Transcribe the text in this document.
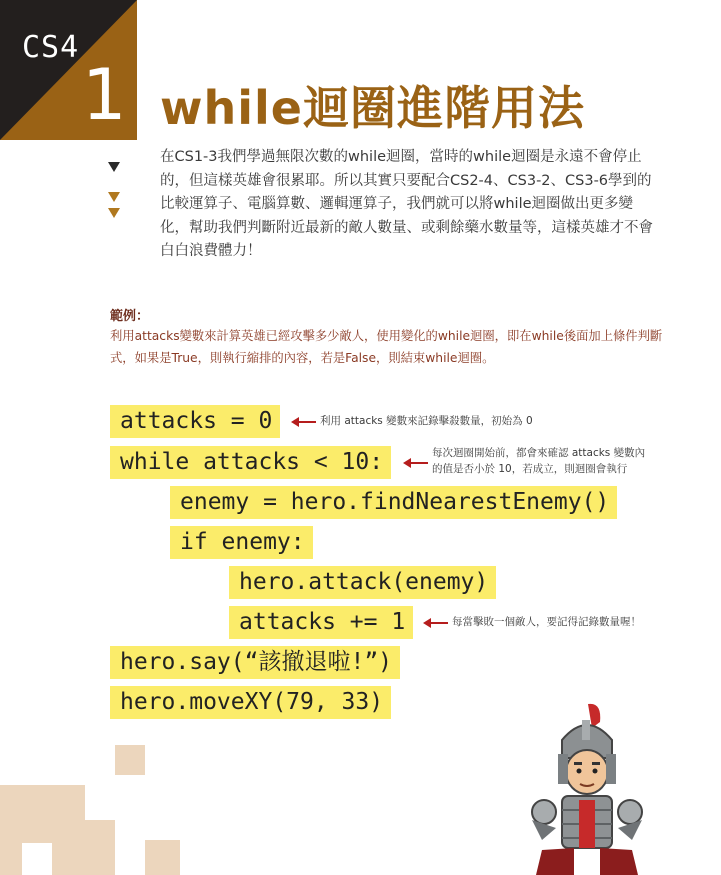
CS4
1 while迴圈進階用法

在CS1-3我們學過無限次數的while迴圈，當時的while迴圈是永遠不會停止的，但這樣英雄會很累耶。所以其實只要配合CS2-4、CS3-2、CS3-6學到的比較運算子、電腦算數、邏輯運算子，我們就可以將while迴圈做出更多變化，幫助我們判斷附近最新的敵人數量、或剩餘藥水數量等，這樣英雄才不會白白浪費體力！

範例：

利用attacks變數來計算英雄已經攻擊多少敵人，使用變化的while迴圈，即在while後面加上條件判斷式，如果是True，則執行縮排的內容，若是False，則結束while迴圈。

attacks = 0
while attacks < 10:
enemy = hero.findNearestEnemy()
if enemy:
hero.attack(enemy)
attacks += 1
hero.say(“該撤退啦!”)
hero.moveXY(79, 33)
利用 attacks 變數來記錄擊殺數量，初始為 0
每次迴圈開始前，都會來確認 attacks 變數內
的值是否小於 10，若成立，則迴圈會執行
每當擊敗一個敵人，要記得記錄數量喔！
